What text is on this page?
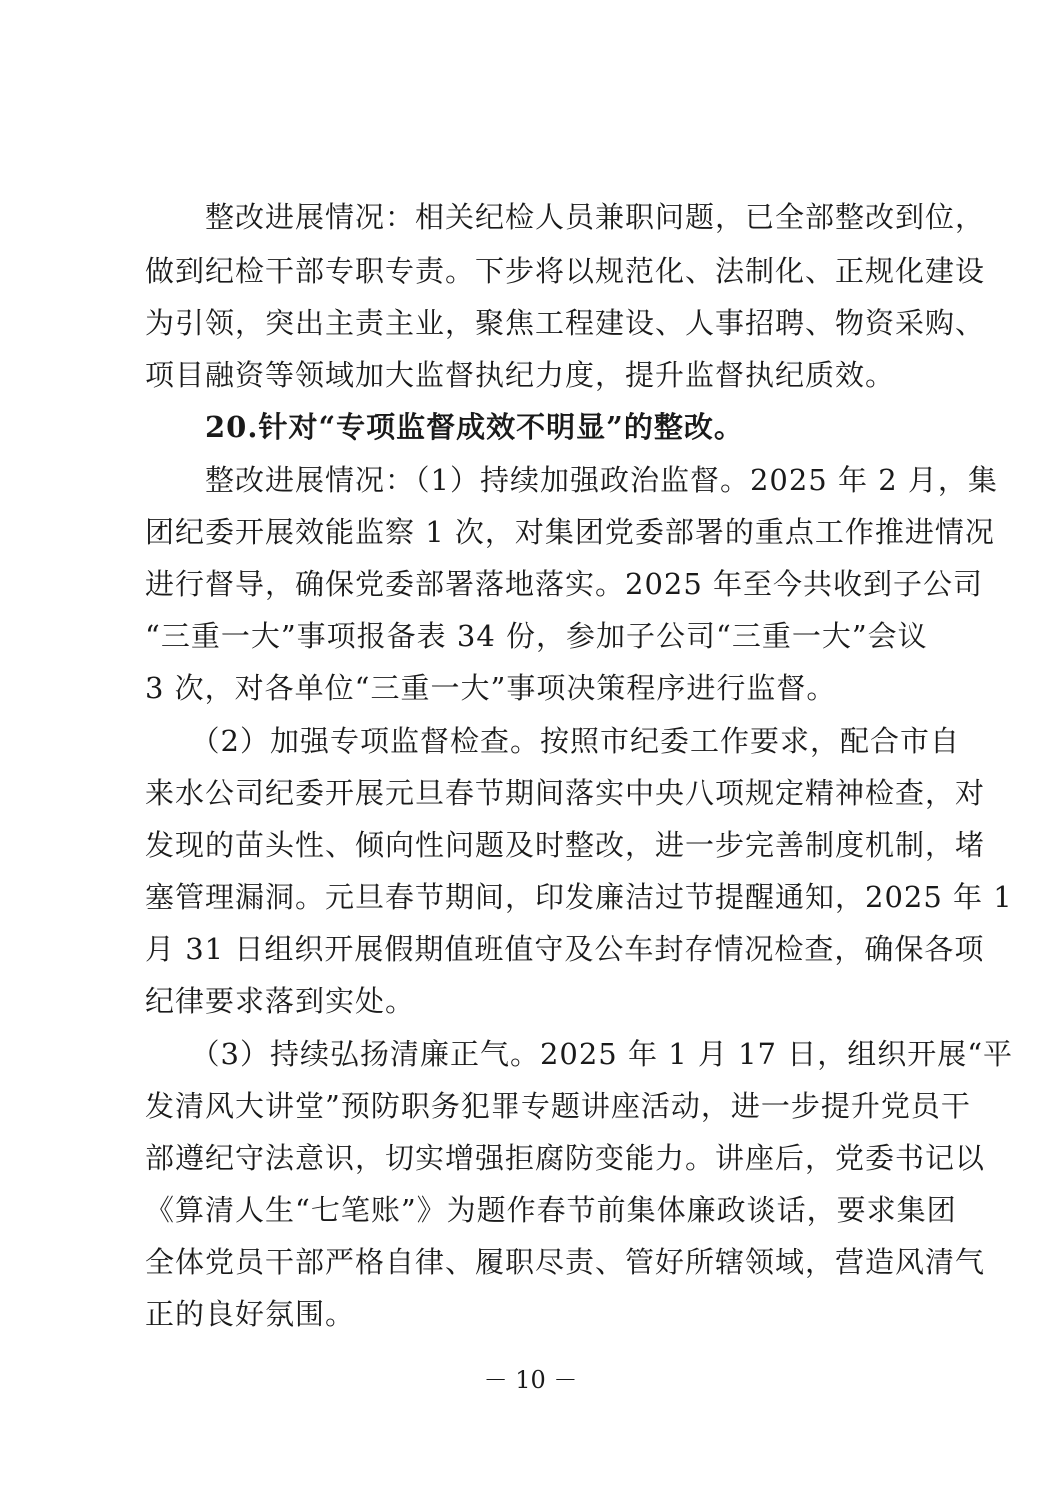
　　整改进展情况：相关纪检人员兼职问题，已全部整改到位，
做到纪检干部专职专责。下步将以规范化、法制化、正规化建设
为引领，突出主责主业，聚焦工程建设、人事招聘、物资采购、
项目融资等领域加大监督执纪力度，提升监督执纪质效。
　　20.针对“专项监督成效不明显”的整改。
　　整改进展情况：（1）持续加强政治监督。2025 年 2 月，集
团纪委开展效能监察 1 次，对集团党委部署的重点工作推进情况
进行督导，确保党委部署落地落实。2025 年至今共收到子公司
“三重一大”事项报备表 34 份，参加子公司“三重一大”会议
3 次，对各单位“三重一大”事项决策程序进行监督。
　　（2）加强专项监督检查。按照市纪委工作要求，配合市自
来水公司纪委开展元旦春节期间落实中央八项规定精神检查，对
发现的苗头性、倾向性问题及时整改，进一步完善制度机制，堵
塞管理漏洞。元旦春节期间，印发廉洁过节提醒通知，2025 年 1
月 31 日组织开展假期值班值守及公车封存情况检查，确保各项
纪律要求落到实处。
　　（3）持续弘扬清廉正气。2025 年 1 月 17 日，组织开展“平
发清风大讲堂”预防职务犯罪专题讲座活动，进一步提升党员干
部遵纪守法意识，切实增强拒腐防变能力。讲座后，党委书记以
《算清人生“七笔账”》为题作春节前集体廉政谈话，要求集团
全体党员干部严格自律、履职尽责、管好所辖领域，营造风清气
正的良好氛围。
－ 10 －
